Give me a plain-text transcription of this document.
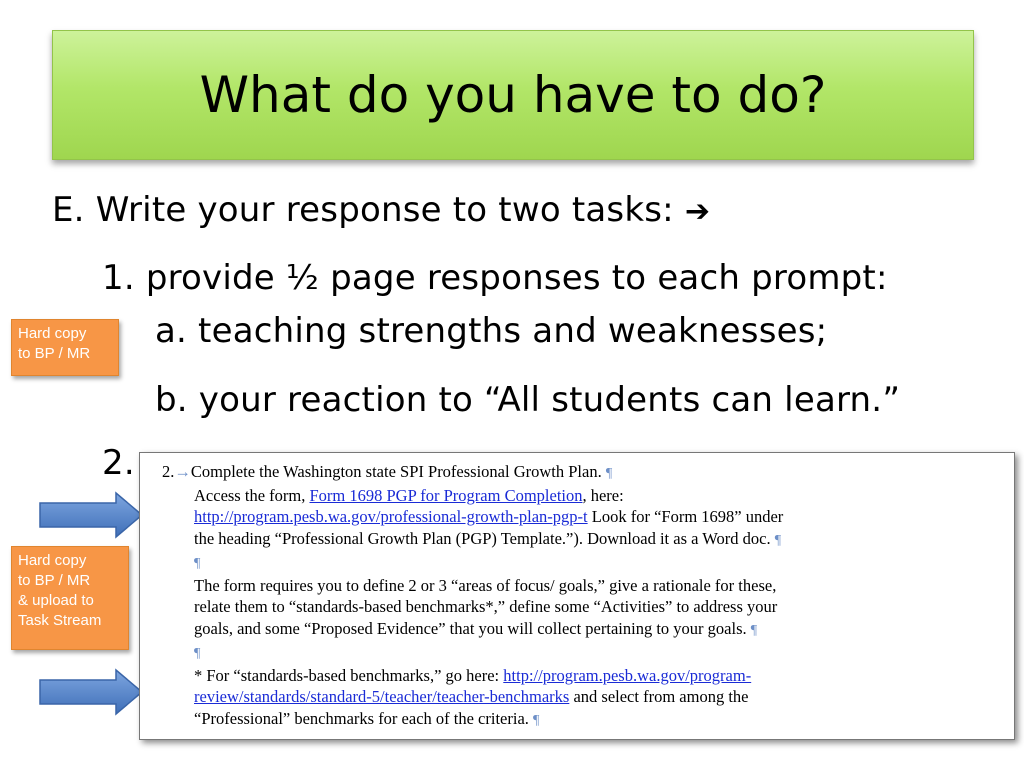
What do you have to do?
E. Write your response to two tasks: ➔
1. provide ½ page responses to each prompt:
a. teaching strengths and weaknesses;
b. your reaction to “All students can learn.”
2.
Hard copy
to BP / MR
Hard copy
to BP / MR
& upload to
Task Stream

2.→Complete the Washington state SPI Professional Growth Plan. ¶

Access the form, Form 1698 PGP for Program Completion, here:

http://program.pesb.wa.gov/professional-growth-plan-pgp-t Look for “Form 1698” under

the heading “Professional Growth Plan (PGP) Template.”). Download it as a Word doc. ¶

¶

The form requires you to define 2 or 3 “areas of focus/ goals,” give a rationale for these,

relate them to “standards-based benchmarks*,” define some “Activities” to address your

goals, and some “Proposed Evidence” that you will collect pertaining to your goals. ¶

¶

* For “standards-based benchmarks,” go here: http://program.pesb.wa.gov/program-

review/standards/standard-5/teacher/teacher-benchmarks and select from among the

“Professional” benchmarks for each of the criteria. ¶
